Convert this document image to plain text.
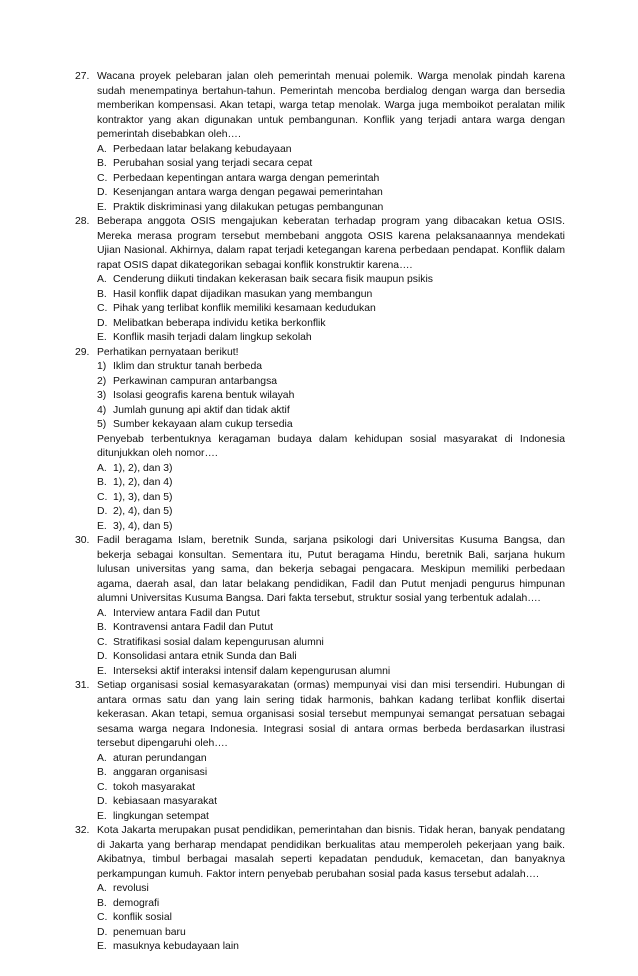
27. Wacana proyek pelebaran jalan oleh pemerintah menuai polemik. Warga menolak pindah karena sudah menempatinya bertahun-tahun. Pemerintah mencoba berdialog dengan warga dan bersedia memberikan kompensasi. Akan tetapi, warga tetap menolak. Warga juga memboikot peralatan milik kontraktor yang akan digunakan untuk pembangunan. Konflik yang terjadi antara warga dengan pemerintah disebabkan oleh….
A. Perbedaan latar belakang kebudayaan
B. Perubahan sosial yang terjadi secara cepat
C. Perbedaan kepentingan antara warga dengan pemerintah
D. Kesenjangan antara warga dengan pegawai pemerintahan
E. Praktik diskriminasi yang dilakukan petugas pembangunan
28. Beberapa anggota OSIS mengajukan keberatan terhadap program yang dibacakan ketua OSIS. Mereka merasa program tersebut membebani anggota OSIS karena pelaksanaannya mendekati Ujian Nasional. Akhirnya, dalam rapat terjadi ketegangan karena perbedaan pendapat. Konflik dalam rapat OSIS dapat dikategorikan sebagai konflik konstruktir karena….
A. Cenderung diikuti tindakan kekerasan baik secara fisik maupun psikis
B. Hasil konflik dapat dijadikan masukan yang membangun
C. Pihak yang terlibat konflik memiliki kesamaan kedudukan
D. Melibatkan beberapa individu ketika berkonflik
E. Konflik masih terjadi dalam lingkup sekolah
29. Perhatikan pernyataan berikut!
1) Iklim dan struktur tanah berbeda
2) Perkawinan campuran antarbangsa
3) Isolasi geografis karena bentuk wilayah
4) Jumlah gunung api aktif dan tidak aktif
5) Sumber kekayaan alam cukup tersedia
Penyebab terbentuknya keragaman budaya dalam kehidupan sosial masyarakat di Indonesia ditunjukkan oleh nomor….
A. 1), 2), dan 3)
B. 1), 2), dan 4)
C. 1), 3), dan 5)
D. 2), 4), dan 5)
E. 3), 4), dan 5)
30. Fadil beragama Islam, beretnik Sunda, sarjana psikologi dari Universitas Kusuma Bangsa, dan bekerja sebagai konsultan. Sementara itu, Putut beragama Hindu, beretnik Bali, sarjana hukum lulusan universitas yang sama, dan bekerja sebagai pengacara. Meskipun memiliki perbedaan agama, daerah asal, dan latar belakang pendidikan, Fadil dan Putut menjadi pengurus himpunan alumni Universitas Kusuma Bangsa. Dari fakta tersebut, struktur sosial yang terbentuk adalah….
A. Interview antara Fadil dan Putut
B. Kontravensi antara Fadil dan Putut
C. Stratifikasi sosial dalam kepengurusan alumni
D. Konsolidasi antara etnik Sunda dan Bali
E. Interseksi aktif interaksi intensif dalam kepengurusan alumni
31. Setiap organisasi sosial kemasyarakatan (ormas) mempunyai visi dan misi tersendiri. Hubungan di antara ormas satu dan yang lain sering tidak harmonis, bahkan kadang terlibat konflik disertai kekerasan. Akan tetapi, semua organisasi sosial tersebut mempunyai semangat persatuan sebagai sesama warga negara Indonesia. Integrasi sosial di antara ormas berbeda berdasarkan ilustrasi tersebut dipengaruhi oleh….
A. aturan perundangan
B. anggaran organisasi
C. tokoh masyarakat
D. kebiasaan masyarakat
E. lingkungan setempat
32. Kota Jakarta merupakan pusat pendidikan, pemerintahan dan bisnis. Tidak heran, banyak pendatang di Jakarta yang berharap mendapat pendidikan berkualitas atau memperoleh pekerjaan yang baik. Akibatnya, timbul berbagai masalah seperti kepadatan penduduk, kemacetan, dan banyaknya perkampungan kumuh. Faktor intern penyebab perubahan sosial pada kasus tersebut adalah….
A. revolusi
B. demografi
C. konflik sosial
D. penemuan baru
E. masuknya kebudayaan lain
